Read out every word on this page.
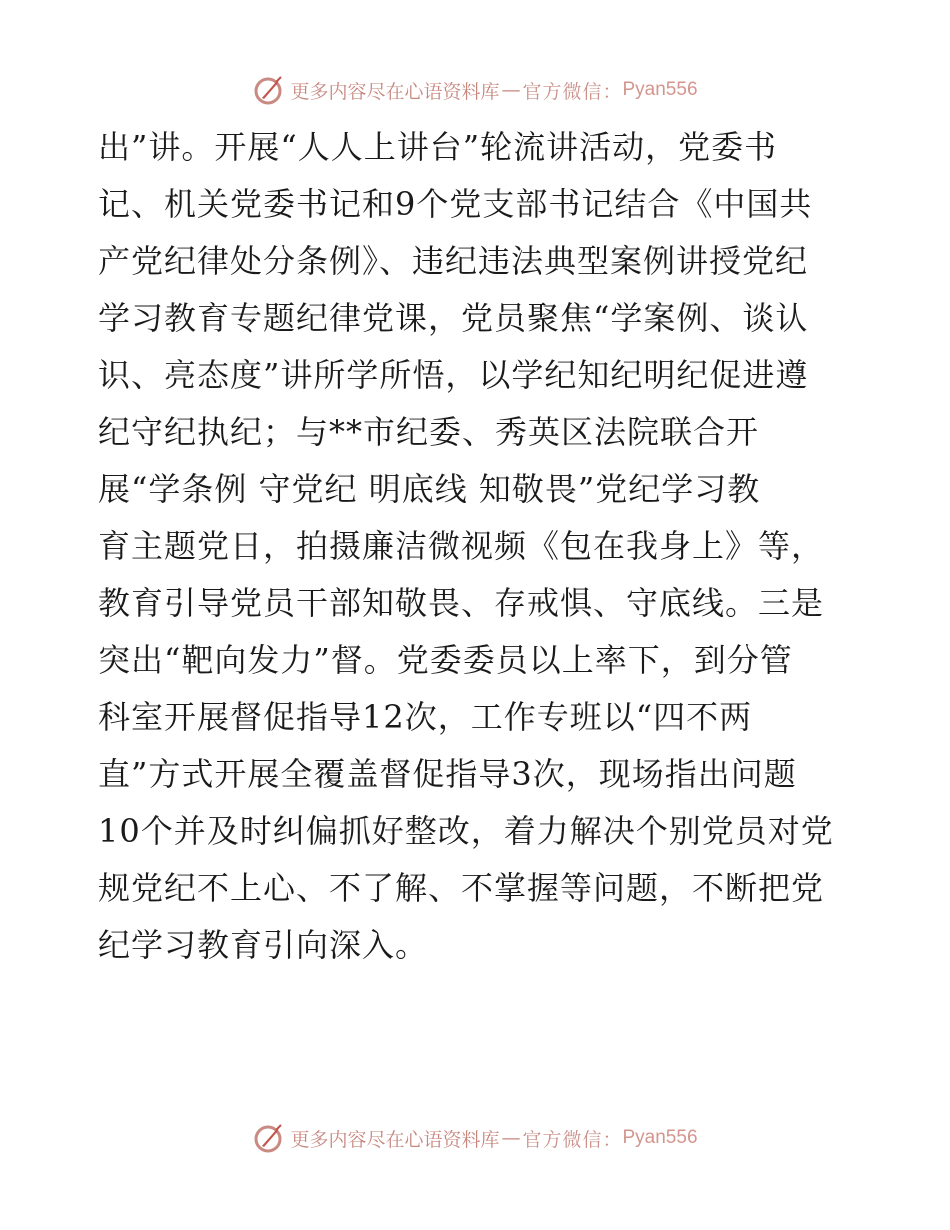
更多内容尽在心语资料库 — 官方微信： Pyan556
出”讲。开展“人人上讲台”轮流讲活动，党委书
记、机关党委书记和9个党支部书记结合《中国共
产党纪律处分条例》、违纪违法典型案例讲授党纪
学习教育专题纪律党课，党员聚焦“学案例、谈认
识、亮态度”讲所学所悟，以学纪知纪明纪促进遵
纪守纪执纪；与**市纪委、秀英区法院联合开
展“学条例 守党纪 明底线 知敬畏”党纪学习教
育主题党日，拍摄廉洁微视频《包在我身上》等，
教育引导党员干部知敬畏、存戒惧、守底线。三是
突出“靶向发力”督。党委委员以上率下，到分管
科室开展督促指导12次，工作专班以“四不两
直”方式开展全覆盖督促指导3次，现场指出问题
10个并及时纠偏抓好整改，着力解决个别党员对党
规党纪不上心、不了解、不掌握等问题，不断把党
纪学习教育引向深入。
更多内容尽在心语资料库 — 官方微信： Pyan556
